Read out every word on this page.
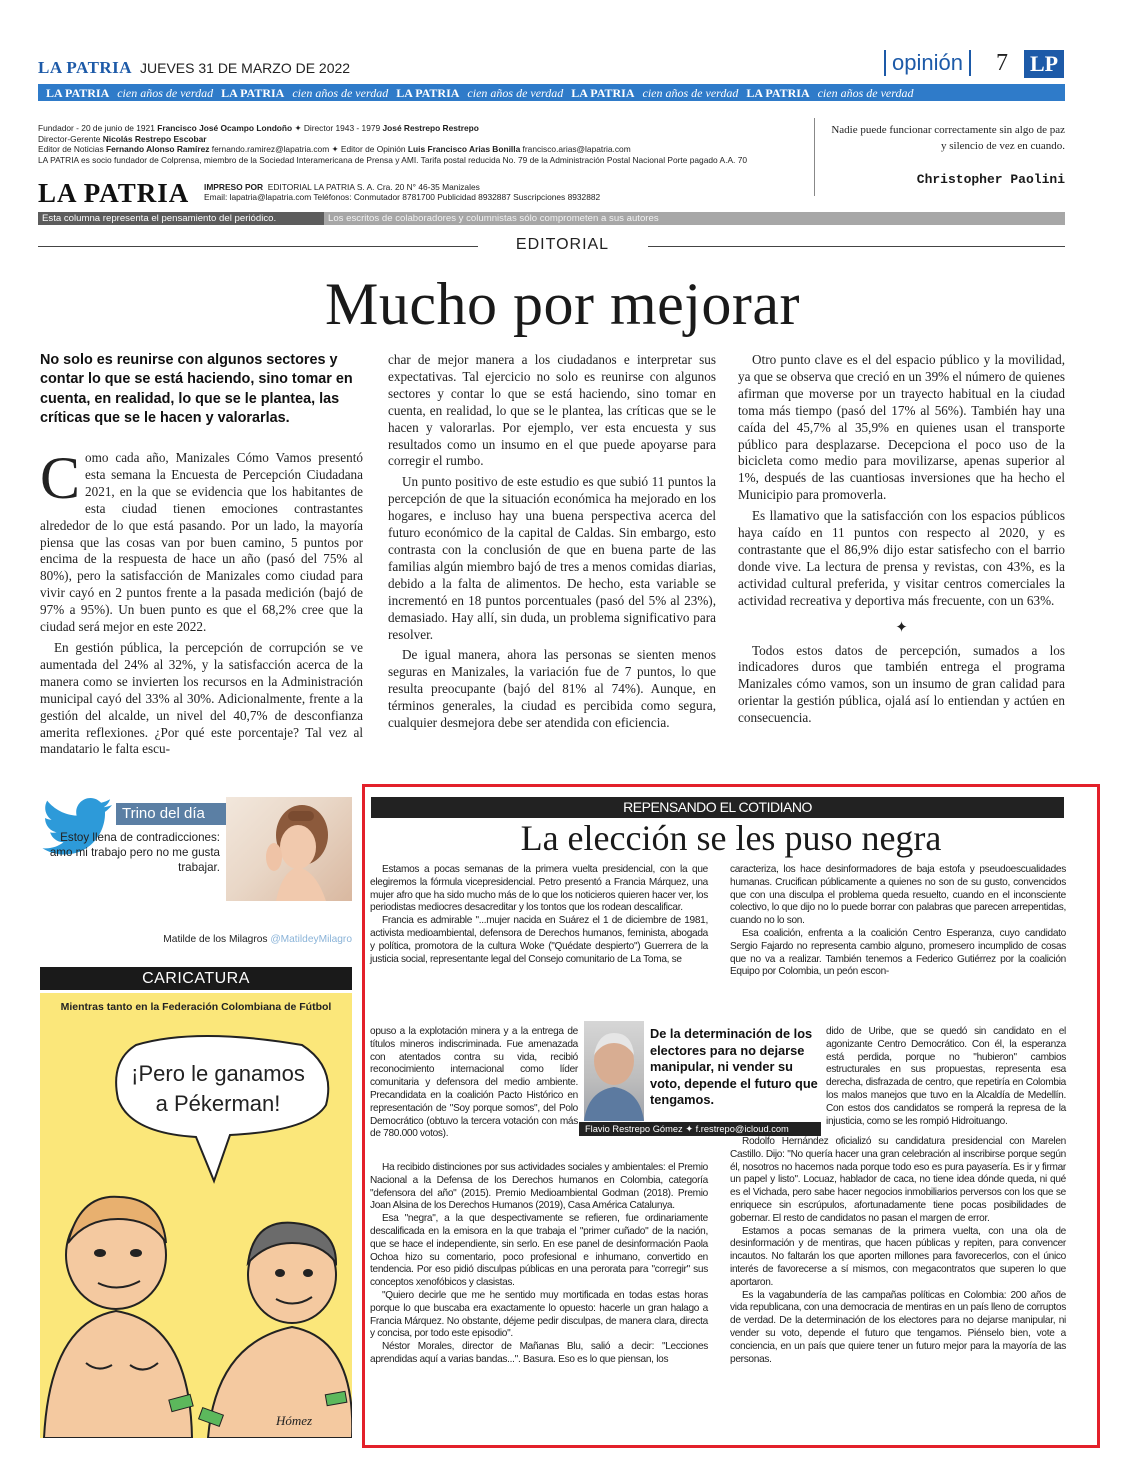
LA PATRIA JUEVES 31 DE MARZO DE 2022	opinión	7 LP
LA PATRIA cien años de verdad LA PATRIA cien años de verdad LA PATRIA cien años de verdad LA PATRIA cien años de verdad LA PATRIA cien años de verdad
Fundador - 20 de junio de 1921 Francisco José Ocampo Londoño ✦ Director 1943 - 1979 José Restrepo Restrepo
Director-Gerente Nicolás Restrepo Escobar
Editor de Noticias Fernando Alonso Ramírez fernando.ramirez@lapatria.com ✦ Editor de Opinión Luis Francisco Arias Bonilla francisco.arias@lapatria.com
LA PATRIA es socio fundador de Colprensa, miembro de la Sociedad Interamericana de Prensa y AMI. Tarifa postal reducida No. 79 de la Administración Postal Nacional Porte pagado A.A. 70
LA PATRIA IMPRESO POR EDITORIAL LA PATRIA S. A. Cra. 20 N° 46-35 Manizales
Email: lapatria@lapatria.com Teléfonos: Conmutador 8781700 Publicidad 8932887 Suscripciones 8932882
Nadie puede funcionar correctamente sin algo de paz y silencio de vez en cuando.
Christopher Paolini
Esta columna representa el pensamiento del periódico.	Los escritos de colaboradores y columnistas sólo comprometen a sus autores
EDITORIAL
Mucho por mejorar
No solo es reunirse con algunos sectores y contar lo que se está haciendo, sino tomar en cuenta, en realidad, lo que se le plantea, las críticas que se le hacen y valorarlas.

Como cada año, Manizales Cómo Vamos presentó esta semana la Encuesta de Percepción Ciudadana 2021, en la que se evidencia que los habitantes de esta ciudad tienen emociones contrastantes alrededor de lo que está pasando. Por un lado, la mayoría piensa que las cosas van por buen camino, 5 puntos por encima de la respuesta de hace un año (pasó del 75% al 80%), pero la satisfacción de Manizales como ciudad para vivir cayó en 2 puntos frente a la pasada medición (bajó de 97% a 95%). Un buen punto es que el 68,2% cree que la ciudad será mejor en este 2022.

En gestión pública, la percepción de corrupción se ve aumentada del 24% al 32%, y la satisfacción acerca de la manera como se invierten los recursos en la Administración municipal cayó del 33% al 30%. Adicionalmente, frente a la gestión del alcalde, un nivel del 40,7% de desconfianza amerita reflexiones. ¿Por qué este porcentaje? Tal vez al mandatario le falta escu-

char de mejor manera a los ciudadanos e interpretar sus expectativas. Tal ejercicio no solo es reunirse con algunos sectores y contar lo que se está haciendo, sino tomar en cuenta, en realidad, lo que se le plantea, las críticas que se le hacen y valorarlas. Por ejemplo, ver esta encuesta y sus resultados como un insumo en el que puede apoyarse para corregir el rumbo.

Un punto positivo de este estudio es que subió 11 puntos la percepción de que la situación económica ha mejorado en los hogares, e incluso hay una buena perspectiva acerca del futuro económico de la capital de Caldas. Sin embargo, esto contrasta con la conclusión de que en buena parte de las familias algún miembro bajó de tres a menos comidas diarias, debido a la falta de alimentos. De hecho, esta variable se incrementó en 18 puntos porcentuales (pasó del 5% al 23%), demasiado. Hay allí, sin duda, un problema significativo para resolver.

De igual manera, ahora las personas se sienten menos seguras en Manizales, la variación fue de 7 puntos, lo que resulta preocupante (bajó del 81% al 74%). Aunque, en términos generales, la ciudad es percibida como segura, cualquier desmejora debe ser atendida con eficiencia.

Otro punto clave es el del espacio público y la movilidad, ya que se observa que creció en un 39% el número de quienes afirman que moverse por un trayecto habitual en la ciudad toma más tiempo (pasó del 17% al 56%). También hay una caída del 45,7% al 35,9% en quienes usan el transporte público para desplazarse. Decepciona el poco uso de la bicicleta como medio para movilizarse, apenas superior al 1%, después de las cuantiosas inversiones que ha hecho el Municipio para promoverla.

Es llamativo que la satisfacción con los espacios públicos haya caído en 11 puntos con respecto al 2020, y es contrastante que el 86,9% dijo estar satisfecho con el barrio donde vive. La lectura de prensa y revistas, con 43%, es la actividad cultural preferida, y visitar centros comerciales la actividad recreativa y deportiva más frecuente, con un 63%.

✦

Todos estos datos de percepción, sumados a los indicadores duros que también entrega el programa Manizales cómo vamos, son un insumo de gran calidad para orientar la gestión pública, ojalá así lo entiendan y actúen en consecuencia.

Trino del día
Estoy llena de contradicciones: amo mi trabajo pero no me gusta trabajar.
Matilde de los Milagros @MatildeyMilagro
CARICATURA
Mientras tanto en la Federación Colombiana de Fútbol
¡Pero le ganamos
a Pékerman!
Hómez
REPENSANDO EL COTIDIANO
La elección se les puso negra

Estamos a pocas semanas de la primera vuelta presidencial, con la que elegiremos la fórmula vicepresidencial. Petro presentó a Francia Márquez, una mujer afro que ha sido mucho más de lo que los noticieros quieren hacer ver, los periodistas mediocres desacreditar y los tontos que los rodean descalificar.

Francia es admirable "...mujer nacida en Suárez el 1 de diciembre de 1981, activista medioambiental, defensora de Derechos humanos, feminista, abogada y política, promotora de la cultura Woke ("Quédate despierto") Guerrera de la justicia social, representante legal del Consejo comunitario de La Toma, se

opuso a la explotación minera y a la entrega de títulos mineros indiscriminada. Fue amenazada con atentados contra su vida, recibió reconocimiento internacional como líder comunitaria y defensora del medio ambiente. Precandidata en la coalición Pacto Histórico en representación de "Soy porque somos", del Polo Democrático (obtuvo la tercera votación con más de 780.000 votos).

Ha recibido distinciones por sus actividades sociales y ambientales: el Premio Nacional a la Defensa de los Derechos humanos en Colombia, categoría "defensora del año" (2015). Premio Medioambiental Godman (2018). Premio Joan Alsina de los Derechos Humanos (2019), Casa América Catalunya.

Esa "negra", a la que despectivamente se refieren, fue ordinariamente descalificada en la emisora en la que trabaja el "primer cuñado" de la nación, que se hace el independiente, sin serlo. En ese panel de desinformación Paola Ochoa hizo su comentario, poco profesional e inhumano, convertido en tendencia. Por eso pidió disculpas públicas en una perorata para "corregir" sus conceptos xenofóbicos y clasistas.

"Quiero decirle que me he sentido muy mortificada en todas estas horas porque lo que buscaba era exactamente lo opuesto: hacerle un gran halago a Francia Márquez. No obstante, déjeme pedir disculpas, de manera clara, directa y concisa, por todo este episodio".

Néstor Morales, director de Mañanas Blu, salió a decir: "Lecciones aprendidas aquí a varias bandas...". Basura. Eso es lo que piensan, los

De la determinación de los electores para no dejarse manipular, ni vender su voto, depende el futuro que tengamos.
Flavio Restrepo Gómez ✦ f.restrepo@icloud.com

caracteriza, los hace desinformadores de baja estofa y pseudoescualidades humanas. Crucifican públicamente a quienes no son de su gusto, convencidos que con una disculpa el problema queda resuelto, cuando en el inconsciente colectivo, lo que dijo no lo puede borrar con palabras que parecen arrepentidas, cuando no lo son.

Esa coalición, enfrenta a la coalición Centro Esperanza, cuyo candidato Sergio Fajardo no representa cambio alguno, promesero incumplido de cosas que no va a realizar. También tenemos a Federico Gutiérrez por la coalición Equipo por Colombia, un peón escon-

dido de Uribe, que se quedó sin candidato en el agonizante Centro Democrático. Con él, la esperanza está perdida, porque no "hubieron" cambios estructurales en sus propuestas, representa esa derecha, disfrazada de centro, que repetiría en Colombia los malos manejos que tuvo en la Alcaldía de Medellín. Con estos dos candidatos se romperá la represa de la injusticia, como se les rompió Hidroituango.

Rodolfo Hernández oficializó su candidatura presidencial con Marelen Castillo. Dijo: "No quería hacer una gran celebración al inscribirse porque según él, nosotros no hacemos nada porque todo eso es pura payasería. Es ir y firmar un papel y listo". Locuaz, hablador de caca, no tiene idea dónde queda, ni qué es el Vichada, pero sabe hacer negocios inmobiliarios perversos con los que se enriquece sin escrúpulos, afortunadamente tiene pocas posibilidades de gobernar. El resto de candidatos no pasan el margen de error.

Estamos a pocas semanas de la primera vuelta, con una ola de desinformación y de mentiras, que hacen públicas y repiten, para convencer incautos. No faltarán los que aporten millones para favorecerlos, con el único interés de favorecerse a sí mismos, con megacontratos que superen lo que aportaron.

Es la vagabundería de las campañas políticas en Colombia: 200 años de vida republicana, con una democracia de mentiras en un país lleno de corruptos de verdad. De la determinación de los electores para no dejarse manipular, ni vender su voto, depende el futuro que tengamos. Piénselo bien, vote a conciencia, en un país que quiere tener un futuro mejor para la mayoría de las personas.
